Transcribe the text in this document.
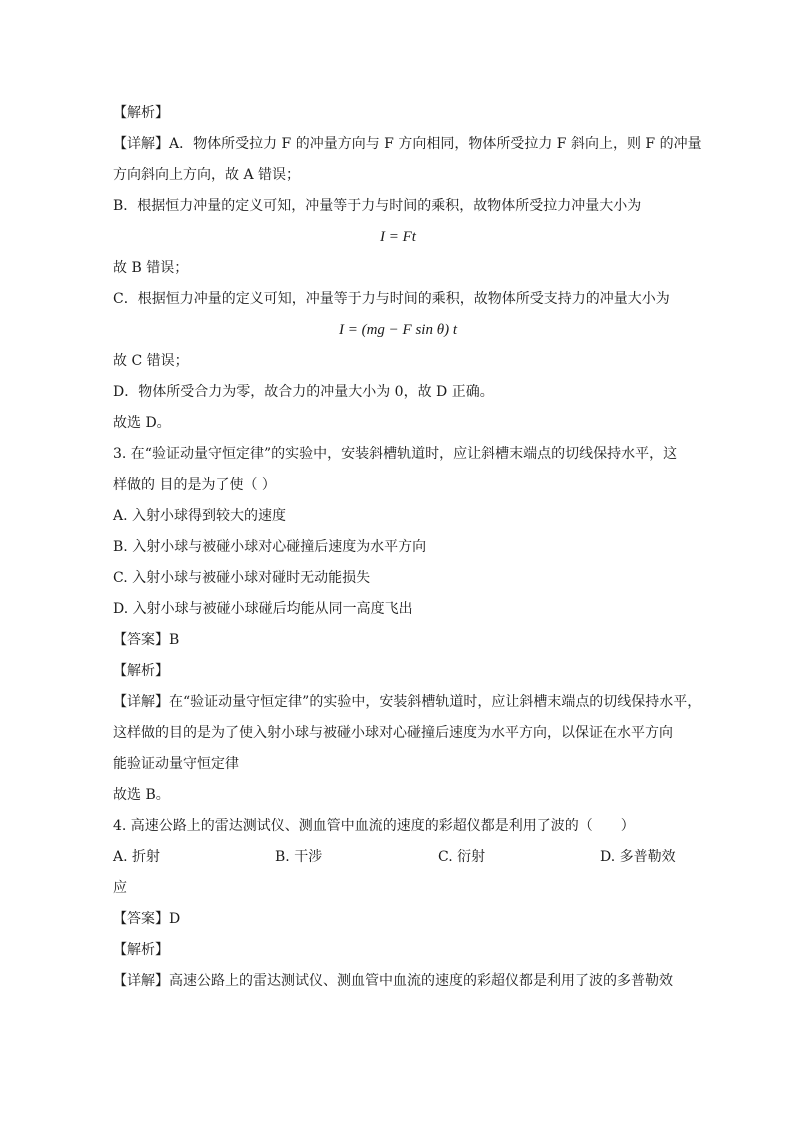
【解析】
【详解】A．物体所受拉力 F 的冲量方向与 F 方向相同，物体所受拉力 F 斜向上，则 F 的冲量
方向斜向上方向，故 A 错误；
B．根据恒力冲量的定义可知，冲量等于力与时间的乘积，故物体所受拉力冲量大小为
I = Ft
故 B 错误；
C．根据恒力冲量的定义可知，冲量等于力与时间的乘积，故物体所受支持力的冲量大小为
I = (mg − F sin θ) t
故 C 错误；
D．物体所受合力为零，故合力的冲量大小为 0，故 D 正确。
故选 D。
3. 在“验证动量守恒定律”的实验中，安装斜槽轨道时，应让斜槽末端点的切线保持水平，这
样做的 目的是为了使（ ）
A. 入射小球得到较大的速度
B. 入射小球与被碰小球对心碰撞后速度为水平方向
C. 入射小球与被碰小球对碰时无动能损失
D. 入射小球与被碰小球碰后均能从同一高度飞出
【答案】B
【解析】
【详解】在“验证动量守恒定律”的实验中，安装斜槽轨道时，应让斜槽末端点的切线保持水平，
这样做的目的是为了使入射小球与被碰小球对心碰撞后速度为水平方向，以保证在水平方向
能验证动量守恒定律
故选 B。
4. 高速公路上的雷达测试仪、测血管中血流的速度的彩超仪都是利用了波的（　　）
A. 折射	B. 干涉	C. 衍射	D. 多普勒效
应
【答案】D
【解析】
【详解】高速公路上的雷达测试仪、测血管中血流的速度的彩超仪都是利用了波的多普勒效
